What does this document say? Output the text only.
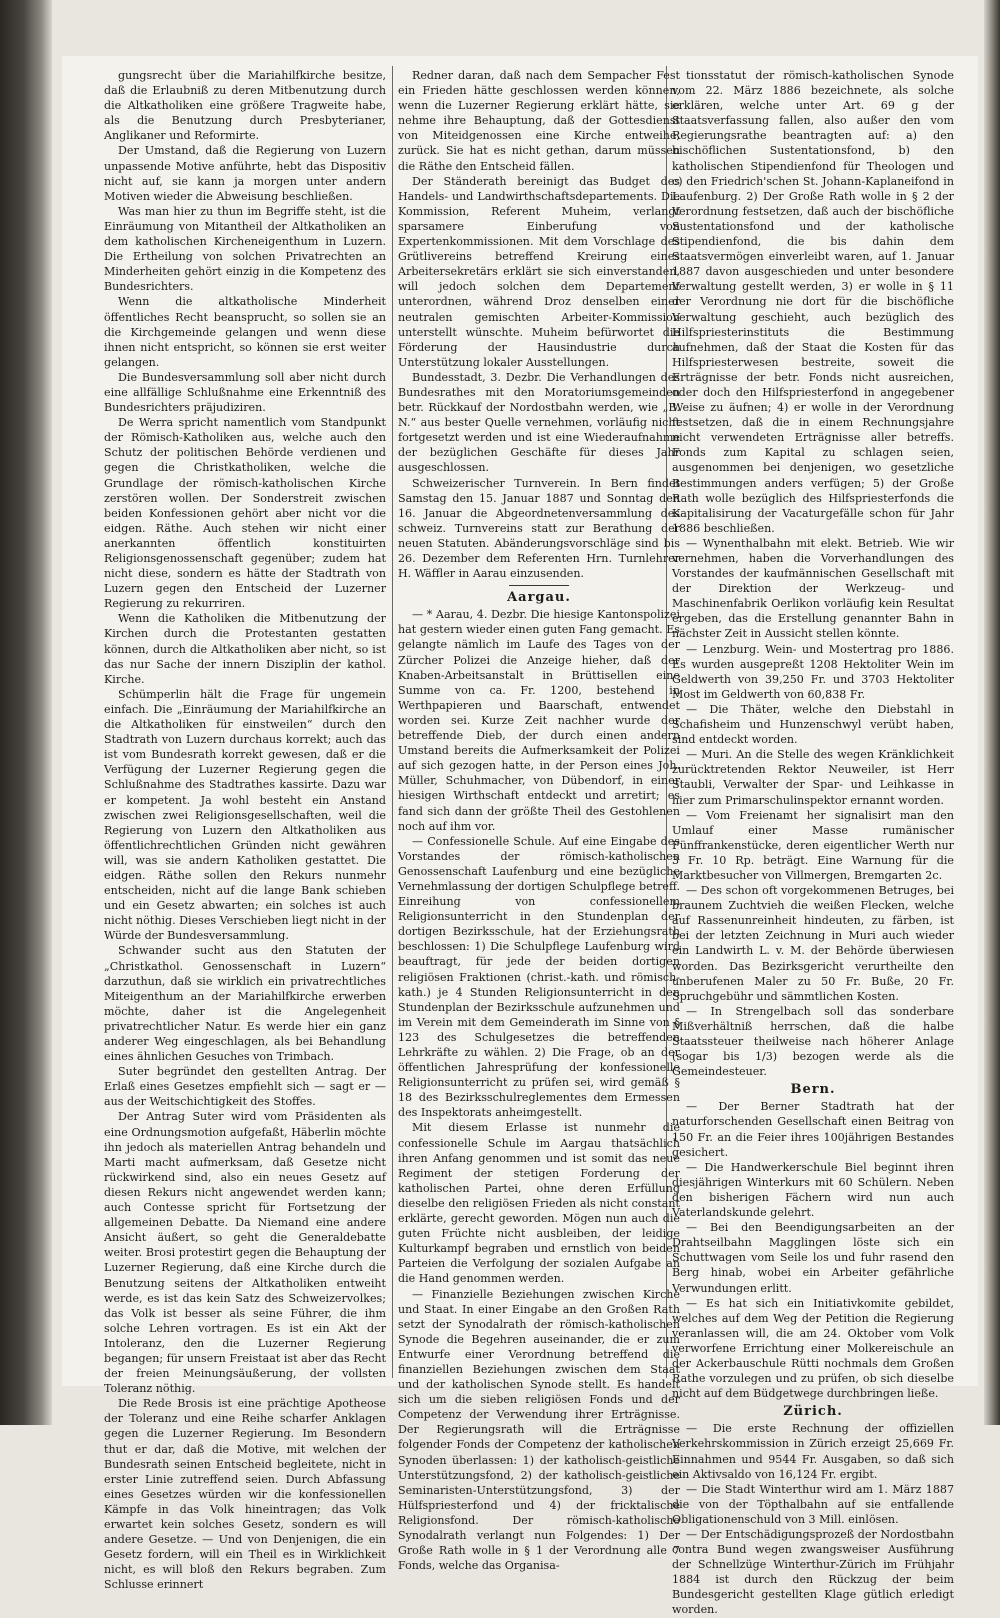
gungsrecht über die Mariahilfkirche besitze, daß die Erlaubniß zu deren Mitbenutzung durch die Altkatholiken eine größere Tragweite habe, als die Benutzung durch Presbyterianer, Anglikaner und Reformirte.

Der Umstand, daß die Regierung von Luzern unpassende Motive anführte, hebt das Dispositiv nicht auf, sie kann ja morgen unter andern Motiven wieder die Abweisung beschließen.

Was man hier zu thun im Begriffe steht, ist die Einräumung von Mitantheil der Altkatholiken an dem katholischen Kircheneigenthum in Luzern. Die Ertheilung von solchen Privatrechten an Minderheiten gehört einzig in die Kompetenz des Bundesrichters.

Wenn die altkatholische Minderheit öffentliches Recht beansprucht, so sollen sie an die Kirchgemeinde gelangen und wenn diese ihnen nicht entspricht, so können sie erst weiter gelangen.

Die Bundesversammlung soll aber nicht durch eine allfällige Schlußnahme eine Erkenntniß des Bundesrichters präjudiziren.

De Werra spricht namentlich vom Standpunkt der Römisch-Katholiken aus, welche auch den Schutz der politischen Behörde verdienen und gegen die Christkatholiken, welche die Grundlage der römisch-katholischen Kirche zerstören wollen. Der Sonderstreit zwischen beiden Konfessionen gehört aber nicht vor die eidgen. Räthe. Auch stehen wir nicht einer anerkannten öffentlich konstituirten Religionsgenossenschaft gegenüber; zudem hat nicht diese, sondern es hätte der Stadtrath von Luzern gegen den Entscheid der Luzerner Regierung zu rekurriren.

Wenn die Katholiken die Mitbenutzung der Kirchen durch die Protestanten gestatten können, durch die Altkatholiken aber nicht, so ist das nur Sache der innern Disziplin der kathol. Kirche.

Schümperlin hält die Frage für ungemein einfach. Die „Einräumung der Mariahilfkirche an die Altkatholiken für einstweilen“ durch den Stadtrath von Luzern durchaus korrekt; auch das ist vom Bundesrath korrekt gewesen, daß er die Verfügung der Luzerner Regierung gegen die Schlußnahme des Stadtrathes kassirte. Dazu war er kompetent. Ja wohl besteht ein Anstand zwischen zwei Religionsgesellschaften, weil die Regierung von Luzern den Altkatholiken aus öffentlichrechtlichen Gründen nicht gewähren will, was sie andern Katholiken gestattet. Die eidgen. Räthe sollen den Rekurs nunmehr entscheiden, nicht auf die lange Bank schieben und ein Gesetz abwarten; ein solches ist auch nicht nöthig. Dieses Verschieben liegt nicht in der Würde der Bundesversammlung.

Schwander sucht aus den Statuten der „Christkathol. Genossenschaft in Luzern“ darzuthun, daß sie wirklich ein privatrechtliches Miteigenthum an der Mariahilfkirche erwerben möchte, daher ist die Angelegenheit privatrechtlicher Natur. Es werde hier ein ganz anderer Weg eingeschlagen, als bei Behandlung eines ähnlichen Gesuches von Trimbach.

Suter begründet den gestellten Antrag. Der Erlaß eines Gesetzes empfiehlt sich — sagt er — aus der Weitschichtigkeit des Stoffes.

Der Antrag Suter wird vom Präsidenten als eine Ordnungsmotion aufgefaßt, Häberlin möchte ihn jedoch als materiellen Antrag behandeln und Marti macht aufmerksam, daß Gesetze nicht rückwirkend sind, also ein neues Gesetz auf diesen Rekurs nicht angewendet werden kann; auch Contesse spricht für Fortsetzung der allgemeinen Debatte. Da Niemand eine andere Ansicht äußert, so geht die Generaldebatte weiter. Brosi protestirt gegen die Behauptung der Luzerner Regierung, daß eine Kirche durch die Benutzung seitens der Altkatholiken entweiht werde, es ist das kein Satz des Schweizervolkes; das Volk ist besser als seine Führer, die ihm solche Lehren vortragen. Es ist ein Akt der Intoleranz, den die Luzerner Regierung begangen; für unsern Freistaat ist aber das Recht der freien Meinungsäußerung, der vollsten Toleranz nöthig.

Die Rede Brosis ist eine prächtige Apotheose der Toleranz und eine Reihe scharfer Anklagen gegen die Luzerner Regierung. Im Besondern thut er dar, daß die Motive, mit welchen der Bundesrath seinen Entscheid begleitete, nicht in erster Linie zutreffend seien. Durch Abfassung eines Gesetzes würden wir die konfessionellen Kämpfe in das Volk hineintragen; das Volk erwartet kein solches Gesetz, sondern es will andere Gesetze. — Und von Denjenigen, die ein Gesetz fordern, will ein Theil es in Wirklichkeit nicht, es will bloß den Rekurs begraben. Zum Schlusse erinnert

Redner daran, daß nach dem Sempacher Fest ein Frieden hätte geschlossen werden können, wenn die Luzerner Regierung erklärt hätte, sie nehme ihre Behauptung, daß der Gottesdienst von Miteidgenossen eine Kirche entweihe, zurück. Sie hat es nicht gethan, darum müssen die Räthe den Entscheid fällen.

Der Ständerath bereinigt das Budget des Handels- und Landwirthschaftsdepartements. Die Kommission, Referent Muheim, verlangt sparsamere Einberufung von Expertenkommissionen. Mit dem Vorschlage des Grütlivereins betreffend Kreirung eines Arbeitersekretärs erklärt sie sich einverstanden, will jedoch solchen dem Departement unterordnen, während Droz denselben einer neutralen gemischten Arbeiter-Kommission unterstellt wünschte. Muheim befürwortet die Förderung der Hausindustrie durch Unterstützung lokaler Ausstellungen.

Bundesstadt, 3. Dezbr. Die Verhandlungen des Bundesrathes mit den Moratoriumsgemeinden betr. Rückkauf der Nordostbahn werden, wie „B. N.“ aus bester Quelle vernehmen, vorläufig nicht fortgesetzt werden und ist eine Wiederaufnahme der bezüglichen Geschäfte für dieses Jahr ausgeschlossen.

Schweizerischer Turnverein. In Bern findet Samstag den 15. Januar 1887 und Sonntag den 16. Januar die Abgeordnetenversammlung des schweiz. Turnvereins statt zur Berathung der neuen Statuten. Abänderungsvorschläge sind bis 26. Dezember dem Referenten Hrn. Turnlehrer H. Wäffler in Aarau einzusenden.

Aargau.

— * Aarau, 4. Dezbr. Die hiesige Kantonspolizei hat gestern wieder einen guten Fang gemacht. Es gelangte nämlich im Laufe des Tages von der Zürcher Polizei die Anzeige hieher, daß der Knaben-Arbeitsanstalt in Brüttisellen eine Summe von ca. Fr. 1200, bestehend in Werthpapieren und Baarschaft, entwendet worden sei. Kurze Zeit nachher wurde der betreffende Dieb, der durch einen andern Umstand bereits die Aufmerksamkeit der Polizei auf sich gezogen hatte, in der Person eines Joh. Müller, Schuhmacher, von Dübendorf, in einer hiesigen Wirthschaft entdeckt und arretirt; es fand sich dann der größte Theil des Gestohlenen noch auf ihm vor.

— Confessionelle Schule. Auf eine Eingabe des Vorstandes der römisch-katholischen Genossenschaft Laufenburg und eine bezügliche Vernehmlassung der dortigen Schulpflege betreff. Einreihung von confessionellem Religionsunterricht in den Stundenplan der dortigen Bezirksschule, hat der Erziehungsrath beschlossen: 1) Die Schulpflege Laufenburg wird beauftragt, für jede der beiden dortigen religiösen Fraktionen (christ.-kath. und römisch-kath.) je 4 Stunden Religionsunterricht in den Stundenplan der Bezirksschule aufzunehmen und im Verein mit dem Gemeinderath im Sinne von § 123 des Schulgesetzes die betreffenden Lehrkräfte zu wählen. 2) Die Frage, ob an der öffentlichen Jahresprüfung der konfessionelle Religionsunterricht zu prüfen sei, wird gemäß § 18 des Bezirksschulreglementes dem Ermessen des Inspektorats anheimgestellt.

Mit diesem Erlasse ist nunmehr die confessionelle Schule im Aargau thatsächlich ihren Anfang genommen und ist somit das neue Regiment der stetigen Forderung der katholischen Partei, ohne deren Erfüllung dieselbe den religiösen Frieden als nicht constant erklärte, gerecht geworden. Mögen nun auch die guten Früchte nicht ausbleiben, der leidige Kulturkampf begraben und ernstlich von beiden Parteien die Verfolgung der sozialen Aufgabe an die Hand genommen werden.

— Finanzielle Beziehungen zwischen Kirche und Staat. In einer Eingabe an den Großen Rath setzt der Synodalrath der römisch-katholischen Synode die Begehren auseinander, die er zum Entwurfe einer Verordnung betreffend die finanziellen Beziehungen zwischen dem Staat und der katholischen Synode stellt. Es handelt sich um die sieben religiösen Fonds und der Competenz der Verwendung ihrer Erträgnisse. Der Regierungsrath will die Erträgnisse folgender Fonds der Competenz der katholischen Synoden überlassen: 1) der katholisch-geistliche Unterstützungsfond, 2) der katholisch-geistliche Seminaristen-Unterstützungsfond, 3) der Hülfspriesterfond und 4) der fricktalische Religionsfond. Der römisch-katholische Synodalrath verlangt nun Folgendes: 1) Der Große Rath wolle in § 1 der Verordnung alle 7 Fonds, welche das Organisa-

tionsstatut der römisch-katholischen Synode vom 22. März 1886 bezeichnete, als solche erklären, welche unter Art. 69 g der Staatsverfassung fallen, also außer den vom Regierungsrathe beantragten auf: a) den bischöflichen Sustentationsfond, b) den katholischen Stipendienfond für Theologen und c) den Friedrich'schen St. Johann-Kaplaneifond in Laufenburg. 2) Der Große Rath wolle in § 2 der Verordnung festsetzen, daß auch der bischöfliche Sustentationsfond und der katholische Stipendienfond, die bis dahin dem Staatsvermögen einverleibt waren, auf 1. Januar 1887 davon ausgeschieden und unter besondere Verwaltung gestellt werden, 3) er wolle in § 11 der Verordnung nie dort für die bischöfliche Verwaltung geschieht, auch bezüglich des Hilfspriesterinstituts die Bestimmung aufnehmen, daß der Staat die Kosten für das Hilfspriesterwesen bestreite, soweit die Erträgnisse der betr. Fonds nicht ausreichen, oder doch den Hilfspriesterfond in angegebener Weise zu äufnen; 4) er wolle in der Verordnung festsetzen, daß die in einem Rechnungsjahre nicht verwendeten Erträgnisse aller betreffs. Fonds zum Kapital zu schlagen seien, ausgenommen bei denjenigen, wo gesetzliche Bestimmungen anders verfügen; 5) der Große Rath wolle bezüglich des Hilfspriesterfonds die Kapitalisirung der Vacaturgefälle schon für Jahr 1886 beschließen.

— Wynenthalbahn mit elekt. Betrieb. Wie wir vernehmen, haben die Vorverhandlungen des Vorstandes der kaufmännischen Gesellschaft mit der Direktion der Werkzeug- und Maschinenfabrik Oerlikon vorläufig kein Resultat ergeben, das die Erstellung genannter Bahn in nächster Zeit in Aussicht stellen könnte.

— Lenzburg. Wein- und Mostertrag pro 1886. Es wurden ausgepreßt 1208 Hektoliter Wein im Geldwerth von 39,250 Fr. und 3703 Hektoliter Most im Geldwerth von 60,838 Fr.

— Die Thäter, welche den Diebstahl in Schafisheim und Hunzenschwyl verübt haben, sind entdeckt worden.

— Muri. An die Stelle des wegen Kränklichkeit zurücktretenden Rektor Neuweiler, ist Herr Staubli, Verwalter der Spar- und Leihkasse in hier zum Primarschulinspektor ernannt worden.

— Vom Freienamt her signalisirt man den Umlauf einer Masse rumänischer Fünffrankenstücke, deren eigentlicher Werth nur 3 Fr. 10 Rp. beträgt. Eine Warnung für die Marktbesucher von Villmergen, Bremgarten 2c.

— Des schon oft vorgekommenen Betruges, bei braunem Zuchtvieh die weißen Flecken, welche auf Rassenunreinheit hindeuten, zu färben, ist bei der letzten Zeichnung in Muri auch wieder ein Landwirth L. v. M. der Behörde überwiesen worden. Das Bezirksgericht verurtheilte den unberufenen Maler zu 50 Fr. Buße, 20 Fr. Spruchgebühr und sämmtlichen Kosten.

— In Strengelbach soll das sonderbare Mißverhältniß herrschen, daß die halbe Staatssteuer theilweise nach höherer Anlage (sogar bis 1/3) bezogen werde als die Gemeindesteuer.

Bern.

— Der Berner Stadtrath hat der naturforschenden Gesellschaft einen Beitrag von 150 Fr. an die Feier ihres 100jährigen Bestandes gesichert.

— Die Handwerkerschule Biel beginnt ihren diesjährigen Winterkurs mit 60 Schülern. Neben den bisherigen Fächern wird nun auch Vaterlandskunde gelehrt.

— Bei den Beendigungsarbeiten an der Drahtseilbahn Magglingen löste sich ein Schuttwagen vom Seile los und fuhr rasend den Berg hinab, wobei ein Arbeiter gefährliche Verwundungen erlitt.

— Es hat sich ein Initiativkomite gebildet, welches auf dem Weg der Petition die Regierung veranlassen will, die am 24. Oktober vom Volk verworfene Errichtung einer Molkereischule an der Ackerbauschule Rütti nochmals dem Großen Rathe vorzulegen und zu prüfen, ob sich dieselbe nicht auf dem Büdgetwege durchbringen ließe.

Zürich.

— Die erste Rechnung der offiziellen Verkehrskommission in Zürich erzeigt 25,669 Fr. Einnahmen und 9544 Fr. Ausgaben, so daß sich ein Aktivsaldo von 16,124 Fr. ergibt.

— Die Stadt Winterthur wird am 1. März 1887 die von der Töpthalbahn auf sie entfallende Obligationenschuld von 3 Mill. einlösen.

— Der Entschädigungsprozeß der Nordostbahn contra Bund wegen zwangsweiser Ausführung der Schnellzüge Winterthur-Zürich im Frühjahr 1884 ist durch den Rückzug der beim Bundesgericht gestellten Klage gütlich erledigt worden.
